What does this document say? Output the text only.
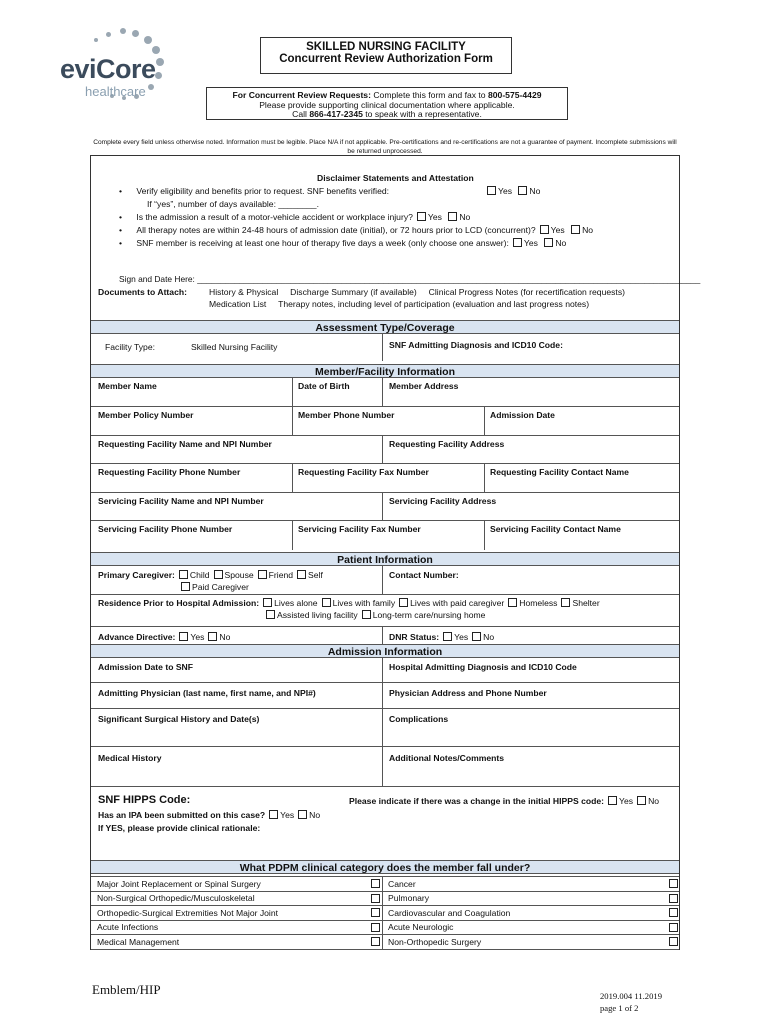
eviCore
healthcare
SKILLED NURSING FACILITY
Concurrent Review Authorization Form
For Concurrent Review Requests: Complete this form and fax to 800-575-4429
Please provide supporting clinical documentation where applicable.
Call 866-417-2345 to speak with a representative.
Complete every field unless otherwise noted. Information must be legible. Place N/A if not applicable. Pre-certifications and re-certifications are not a guarantee of payment. Incomplete submissions will be returned unprocessed.
Disclaimer Statements and Attestation
•      Verify eligibility and benefits prior to request. SNF benefits verified:	Yes No
If “yes”, number of days available: ________.
•      Is the admission a result of a motor-vehicle accident or workplace injury? Yes No
•      All therapy notes are within 24-48 hours of admission date (initial), or 72 hours prior to LCD (concurrent)? Yes No
•      SNF member is receiving at least one hour of therapy five days a week (only choose one answer): Yes No
Sign and Date Here: ____________________________________________________________________________________________________________
Documents to Attach:	History & Physical     Discharge Summary (if available)     Clinical Progress Notes (for recertification requests)
Medication List     Therapy notes, including level of participation (evaluation and last progress notes)
Assessment Type/Coverage
Facility Type:	Skilled Nursing Facility	SNF Admitting Diagnosis and ICD10 Code:
Member/Facility Information
Member Name	Date of Birth	Member Address
Member Policy Number	Member Phone Number	Admission Date
Requesting Facility Name and NPI Number	Requesting Facility Address
Requesting Facility Phone Number	Requesting Facility Fax Number	Requesting Facility Contact Name
Servicing Facility Name and NPI Number	Servicing Facility Address
Servicing Facility Phone Number	Servicing Facility Fax Number	Servicing Facility Contact Name
Patient Information
Primary Caregiver: Child Spouse Friend Self
Paid Caregiver
Contact Number:
Residence Prior to Hospital Admission: Lives alone Lives with family Lives with paid caregiver Homeless Shelter
Assisted living facility Long-term care/nursing home
Advance Directive: Yes No	DNR Status: Yes No
Admission Information
Admission Date to SNF	Hospital Admitting Diagnosis and ICD10 Code
Admitting Physician (last name, first name, and NPI#)	Physician Address and Phone Number
Significant Surgical History and Date(s)	Complications
Medical History	Additional Notes/Comments
SNF HIPPS Code:	Please indicate if there was a change in the initial HIPPS code: Yes No
Has an IPA been submitted on this case? Yes No
If YES, please provide clinical rationale:
What PDPM clinical category does the member fall under?
Major Joint Replacement or Spinal Surgery	Cancer
Non-Surgical Orthopedic/Musculoskeletal	Pulmonary
Orthopedic-Surgical Extremities Not Major Joint	Cardiovascular and Coagulation
Acute Infections	Acute Neurologic
Medical Management	Non-Orthopedic Surgery
Emblem/HIP	2019.004 11.2019
page 1 of 2
